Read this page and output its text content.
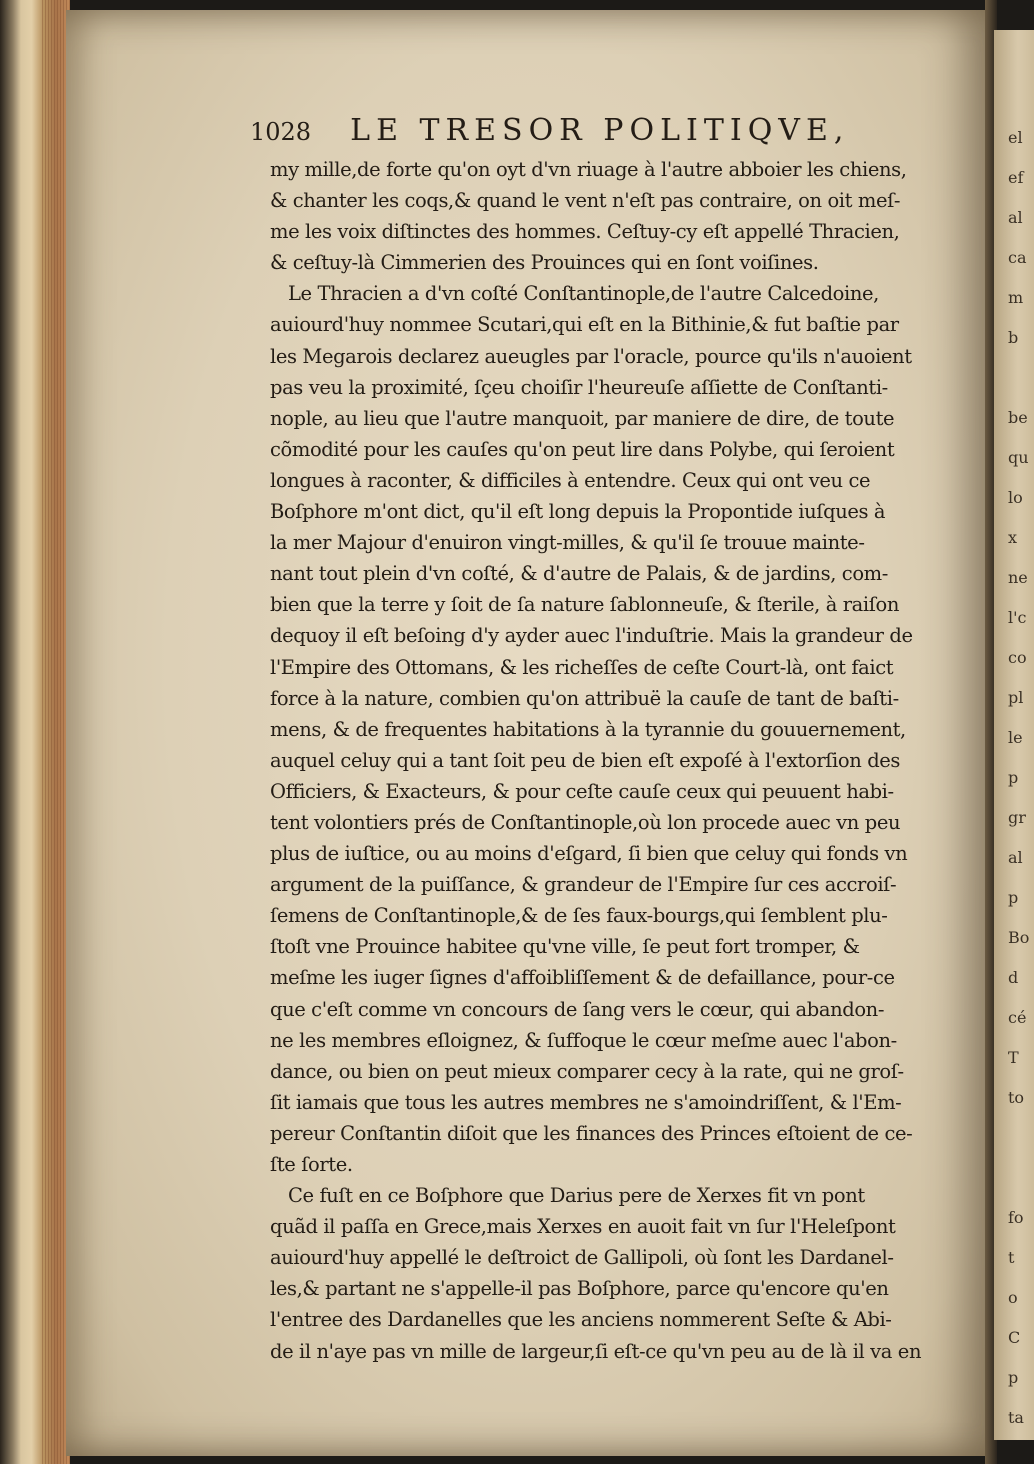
el
ef
al
ca
m
b
be
qu
lo
x
ne
l'c
co
pl
le
p
gr
al
p
Bo
d
cé
T
to
fo
t
o
C
p
ta
1028 LE TRESOR POLITIQVE,
my mille,de forte qu'on oyt d'vn riuage à l'autre abboier les chiens,
& chanter les coqs,& quand le vent n'eſt pas contraire, on oit meſ-
me les voix diſtinctes des hommes. Ceſtuy-cy eſt appellé Thracien,
& ceſtuy-là Cimmerien des Prouinces qui en ſont voiſines.
Le Thracien a d'vn coſté Conſtantinople,de l'autre Calcedoine,
auiourd'huy nommee Scutari,qui eſt en la Bithinie,& fut baſtie par
les Megarois declarez aueugles par l'oracle, pource qu'ils n'auoient
pas veu la proximité, ſçeu choiſir l'heureuſe aſſiette de Conſtanti-
nople, au lieu que l'autre manquoit, par maniere de dire, de toute
cõmodité pour les cauſes qu'on peut lire dans Polybe, qui ſeroient
longues à raconter, & difficiles à entendre. Ceux qui ont veu ce
Boſphore m'ont dict, qu'il eſt long depuis la Propontide iuſques à
la mer Majour d'enuiron vingt-milles, & qu'il ſe trouue mainte-
nant tout plein d'vn coſté, & d'autre de Palais, & de jardins, com-
bien que la terre y ſoit de ſa nature ſablonneuſe, & ſterile, à raiſon
dequoy il eſt beſoing d'y ayder auec l'induſtrie. Mais la grandeur de
l'Empire des Ottomans, & les richeſſes de ceſte Court-là, ont faict
force à la nature, combien qu'on attribuë la cauſe de tant de baſti-
mens, & de frequentes habitations à la tyrannie du gouuernement,
auquel celuy qui a tant ſoit peu de bien eſt expoſé à l'extorſion des
Officiers, & Exacteurs, & pour ceſte cauſe ceux qui peuuent habi-
tent volontiers prés de Conſtantinople,où lon procede auec vn peu
plus de iuſtice, ou au moins d'eſgard, ſi bien que celuy qui fonds vn
argument de la puiſſance, & grandeur de l'Empire ſur ces accroiſ-
ſemens de Conſtantinople,& de ſes faux-bourgs,qui ſemblent plu-
ſtoſt vne Prouince habitee qu'vne ville, ſe peut fort tromper, &
meſme les iuger ſignes d'affoibliſſement & de defaillance, pour-ce
que c'eſt comme vn concours de ſang vers le cœur, qui abandon-
ne les membres eſloignez, & ſuffoque le cœur meſme auec l'abon-
dance, ou bien on peut mieux comparer cecy à la rate, qui ne groſ-
ſit iamais que tous les autres membres ne s'amoindriſſent, & l'Em-
pereur Conſtantin diſoit que les finances des Princes eſtoient de ce-
ſte ſorte.
Ce fuſt en ce Boſphore que Darius pere de Xerxes fit vn pont
quãd il paſſa en Grece,mais Xerxes en auoit fait vn ſur l'Heleſpont
auiourd'huy appellé le deſtroict de Gallipoli, où ſont les Dardanel-
les,& partant ne s'appelle-il pas Boſphore, parce qu'encore qu'en
l'entree des Dardanelles que les anciens nommerent Seſte & Abi-
de il n'aye pas vn mille de largeur,ſi eſt-ce qu'vn peu au de là il va en
